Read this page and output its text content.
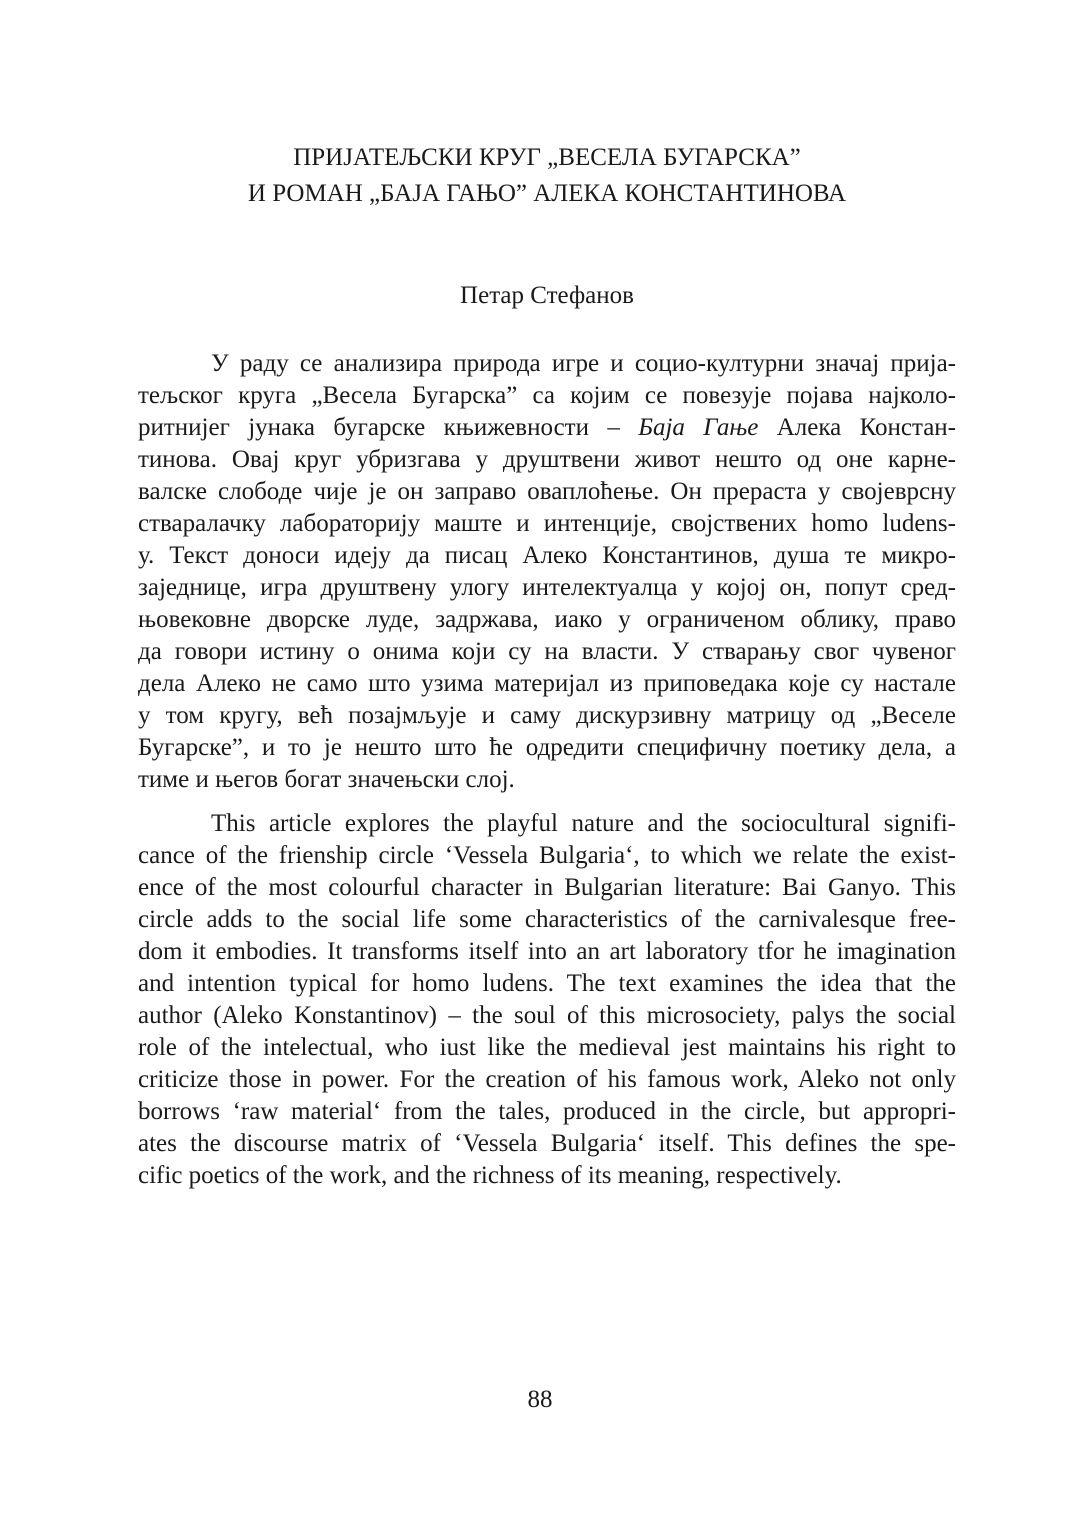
ПРИЈАТЕЉСКИ КРУГ „ВЕСЕЛА БУГАРСКА”
И РОМАН „БАЈА ГАЊО” АЛЕКА КОНСТАНТИНОВА
Петар Стефанов
У раду се анализира природа игре и социо-културни значај прија-
тељског круга „Весела Бугарска” са којим се повезује појава најколо-
ритнијег јунака бугарске књижевности – Баја Гање Алека Констан-
тинова. Овај круг убризгава у друштвени живот нешто од оне карне-
валске слободе чије је он заправо оваплоћење. Он прераста у својеврсну
стваралачку лабораторију маште и интенције, својствених homo ludens-
у. Текст доноси идеју да писац Алеко Константинов, душа те микро-
заједнице, игра друштвену улогу интелектуалца у којој он, попут сред-
њовековне дворске луде, задржава, иако у ограниченом облику, право
да говори истину о онима који су на власти. У стварању свог чувеног
дела Алеко не само што узима материјал из приповедака које су настале
у том кругу, већ позајмљује и саму дискурзивну матрицу од „Веселе
Бугарске”, и то је нешто што ће одредити специфичну поетику дела, а
тиме и његов богат значењски слој.
This article explores the playful nature and the sociocultural signifi-
cance of the frienship circle ‘Vessela Bulgaria‘, to which we relate the exist-
ence of the most colourful character in Bulgarian literature: Bai Ganyo. This
circle adds to the social life some characteristics of the carnivalesque free-
dom it embodies. It transforms itself into an art laboratory tfor he imagination
and intention typical for homo ludens. The text examines the idea that the
author (Aleko Konstantinov) – the soul of this microsociety, palys the social
role of the intelectual, who iust like the medieval jest maintains his right to
criticize those in power. For the creation of his famous work, Aleko not only
borrows ‘raw material‘ from the tales, produced in the circle, but appropri-
ates the discourse matrix of ‘Vessela Bulgaria‘ itself. This defines the spe-
cific poetics of the work, and the richness of its meaning, respectively.
88
